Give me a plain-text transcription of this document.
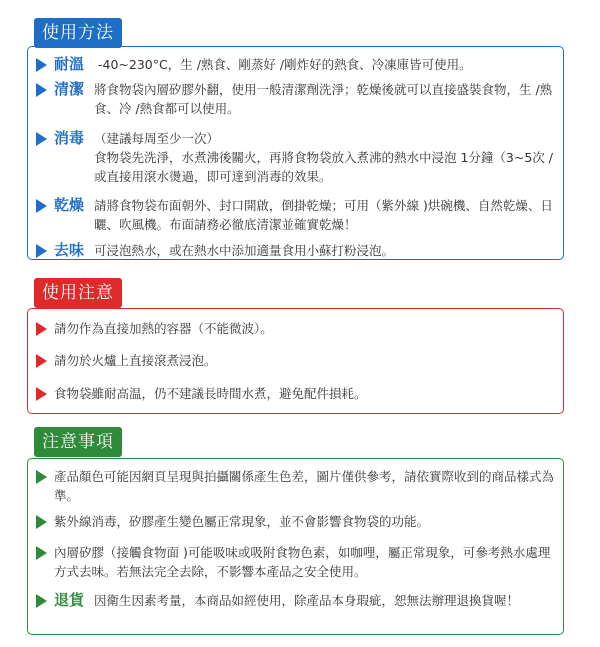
使用方法
耐溫 -40~230°C，生 /熟食、剛蒸好 /剛炸好的熱食、冷凍庫皆可使用。
清潔 將食物袋內層矽膠外翻，使用一般清潔劑洗淨；乾燥後就可以直接盛裝食物，生 /熟食、冷 /熱食都可以使用。
消毒 （建議每周至少一次）
食物袋先洗淨，水煮沸後關火，再將食物袋放入煮沸的熱水中浸泡 1分鐘（3~5次 /或直接用滾水燙過，即可達到消毒的效果。
乾燥 請將食物袋布面朝外、封口開啟，倒掛乾燥；可用（紫外線 )烘碗機、自然乾燥、日曬、吹風機。布面請務必徹底清潔並確實乾燥！
去味 可浸泡熱水，或在熱水中添加適量食用小蘇打粉浸泡。
使用注意
請勿作為直接加熱的容器（不能微波）。
請勿於火爐上直接滾煮浸泡。
食物袋雖耐高温，仍不建議長時間水煮，避免配件損耗。
注意事項
產品顏色可能因網頁呈現與拍攝關係產生色差，圖片僅供參考，請依實際收到的商品樣式為準。
紫外線消毒，矽膠產生變色屬正常現象，並不會影響食物袋的功能。
內層矽膠（接觸食物面 )可能吸味或吸附食物色素，如咖哩，屬正常現象，可參考熱水處理方式去味。若無法完全去除，不影響本產品之安全使用。
退貨 因衛生因素考量，本商品如經使用，除產品本身瑕疵，恕無法辦理退換貨喔！
